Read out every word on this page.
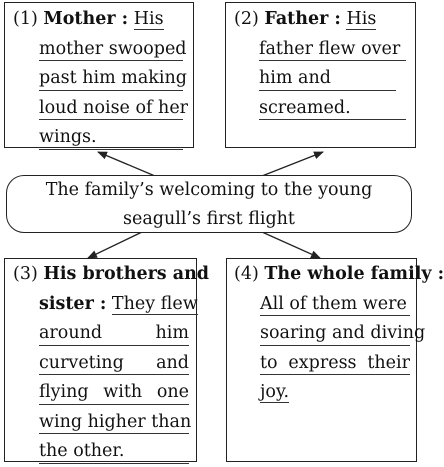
(1) Mother : His
mother swooped
past him making
loud noise of her
wings.
(2) Father : His
father flew over
him and
screamed.
The family’s welcoming to the young
seagull’s first flight
(3) His brothers and
sister : They flew
around him
curveting and
flying with one
wing higher than
the other.
(4) The whole family :
All of them were
soaring and diving
to express their
joy.
